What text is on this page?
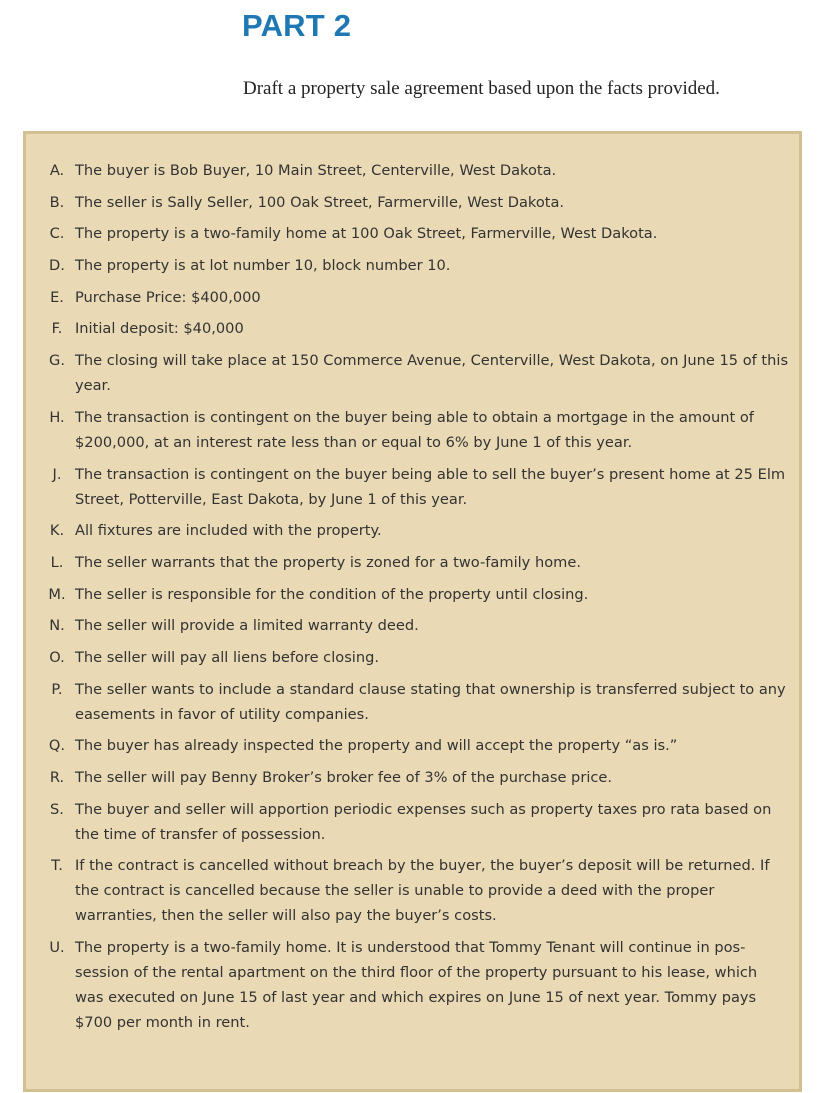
PART 2

Draft a property sale agreement based upon the facts provided.

A. The buyer is Bob Buyer, 10 Main Street, Centerville, West Dakota.
B. The seller is Sally Seller, 100 Oak Street, Farmerville, West Dakota.
C. The property is a two-family home at 100 Oak Street, Farmerville, West Dakota.
D. The property is at lot number 10, block number 10.
E. Purchase Price: $400,000
F. Initial deposit: $40,000
G. The closing will take place at 150 Commerce Avenue, Centerville, West Dakota, on June 15 of this year.
H. The transaction is contingent on the buyer being able to obtain a mortgage in the amount of $200,000, at an interest rate less than or equal to 6% by June 1 of this year.
J. The transaction is contingent on the buyer being able to sell the buyer’s present home at 25 Elm Street, Potterville, East Dakota, by June 1 of this year.
K. All fixtures are included with the property.
L. The seller warrants that the property is zoned for a two-family home.
M. The seller is responsible for the condition of the property until closing.
N. The seller will provide a limited warranty deed.
O. The seller will pay all liens before closing.
P. The seller wants to include a standard clause stating that ownership is transferred subject to any easements in favor of utility companies.
Q. The buyer has already inspected the property and will accept the property “as is.”
R. The seller will pay Benny Broker’s broker fee of 3% of the purchase price.
S. The buyer and seller will apportion periodic expenses such as property taxes pro rata based on the time of transfer of possession.
T. If the contract is cancelled without breach by the buyer, the buyer’s deposit will be returned. If the contract is cancelled because the seller is unable to provide a deed with the proper warranties, then the seller will also pay the buyer’s costs.
U. The property is a two-family home. It is understood that Tommy Tenant will continue in pos-session of the rental apartment on the third floor of the property pursuant to his lease, which was executed on June 15 of last year and which expires on June 15 of next year. Tommy pays $700 per month in rent.
